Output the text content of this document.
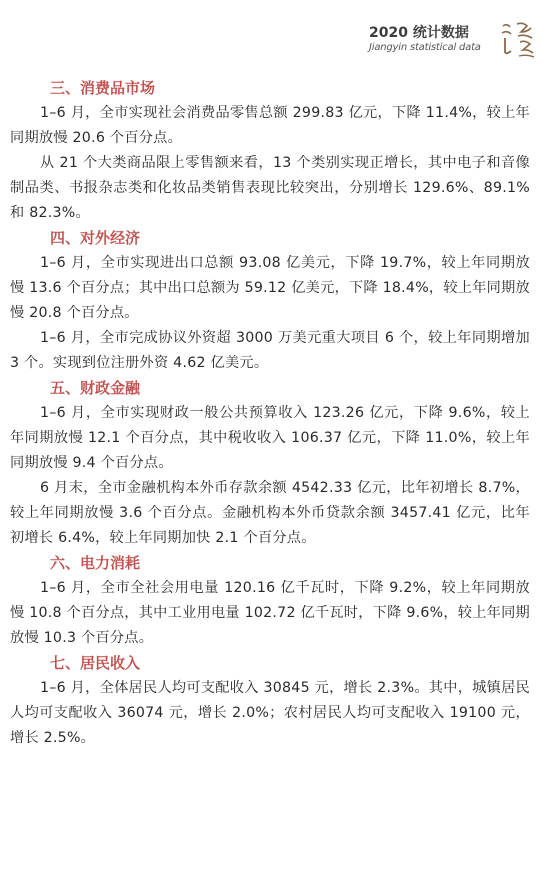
2020 统计数据
Jiangyin statistical data
三、消费品市场
1–6 月，全市实现社会消费品零售总额 299.83 亿元，下降 11.4%，较上年同期放慢 20.6 个百分点。
从 21 个大类商品限上零售额来看，13 个类别实现正增长，其中电子和音像制品类、书报杂志类和化妆品类销售表现比较突出，分别增长 129.6%、89.1% 和 82.3%。
四、对外经济
1–6 月，全市实现进出口总额 93.08 亿美元，下降 19.7%，较上年同期放慢 13.6 个百分点；其中出口总额为 59.12 亿美元，下降 18.4%，较上年同期放慢 20.8 个百分点。
1–6 月，全市完成协议外资超 3000 万美元重大项目 6 个，较上年同期增加 3 个。实现到位注册外资 4.62 亿美元。
五、财政金融
1–6 月，全市实现财政一般公共预算收入 123.26 亿元，下降 9.6%，较上年同期放慢 12.1 个百分点，其中税收收入 106.37 亿元，下降 11.0%，较上年同期放慢 9.4 个百分点。
6 月末，全市金融机构本外币存款余额 4542.33 亿元，比年初增长 8.7%，较上年同期放慢 3.6 个百分点。金融机构本外币贷款余额 3457.41 亿元，比年初增长 6.4%，较上年同期加快 2.1 个百分点。
六、电力消耗
1–6 月，全市全社会用电量 120.16 亿千瓦时，下降 9.2%，较上年同期放慢 10.8 个百分点，其中工业用电量 102.72 亿千瓦时，下降 9.6%，较上年同期放慢 10.3 个百分点。
七、居民收入
1–6 月，全体居民人均可支配收入 30845 元，增长 2.3%。其中，城镇居民人均可支配收入 36074 元，增长 2.0%；农村居民人均可支配收入 19100 元，增长 2.5%。
